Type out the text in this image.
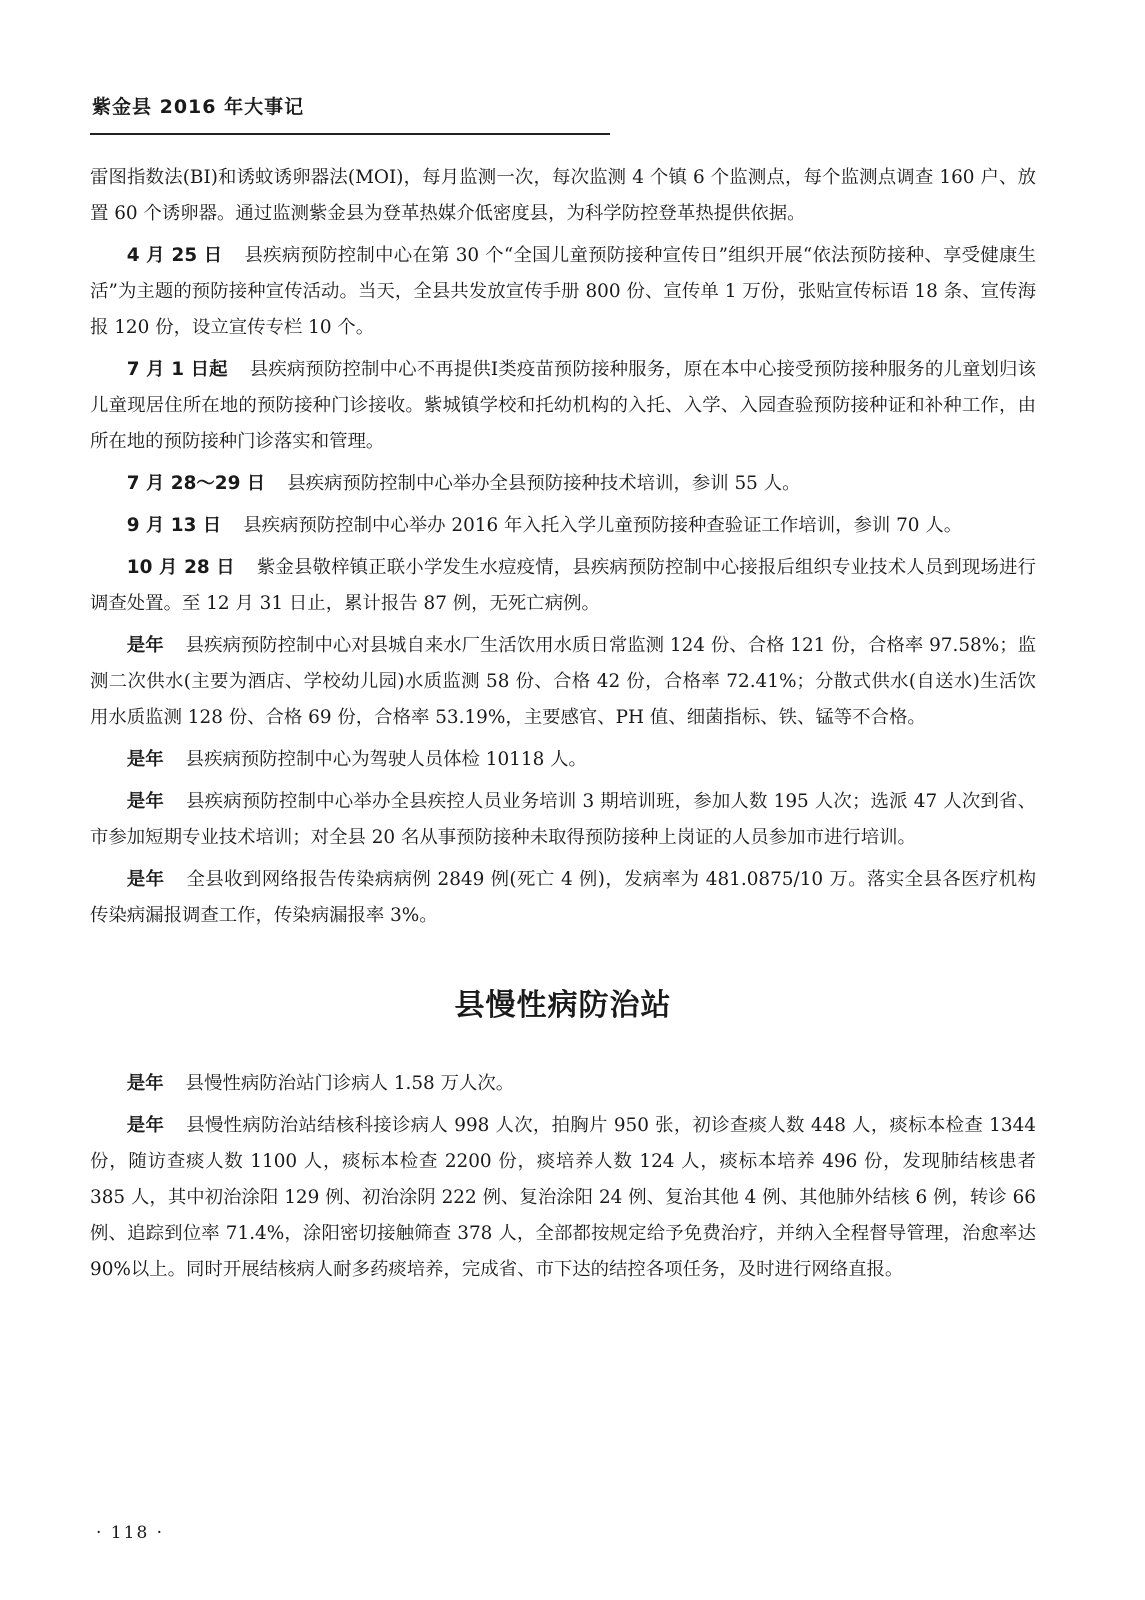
紫金县 2016 年大事记

雷图指数法(BI)和诱蚊诱卵器法(MOI)，每月监测一次，每次监测 4 个镇 6 个监测点，每个监测点调查 160 户、放置 60 个诱卵器。通过监测紫金县为登革热媒介低密度县，为科学防控登革热提供依据。

4 月 25 日 县疾病预防控制中心在第 30 个“全国儿童预防接种宣传日”组织开展“依法预防接种、享受健康生活”为主题的预防接种宣传活动。当天，全县共发放宣传手册 800 份、宣传单 1 万份，张贴宣传标语 18 条、宣传海报 120 份，设立宣传专栏 10 个。

7 月 1 日起 县疾病预防控制中心不再提供Ⅰ类疫苗预防接种服务，原在本中心接受预防接种服务的儿童划归该儿童现居住所在地的预防接种门诊接收。紫城镇学校和托幼机构的入托、入学、入园查验预防接种证和补种工作，由所在地的预防接种门诊落实和管理。

7 月 28～29 日 县疾病预防控制中心举办全县预防接种技术培训，参训 55 人。

9 月 13 日 县疾病预防控制中心举办 2016 年入托入学儿童预防接种查验证工作培训，参训 70 人。

10 月 28 日 紫金县敬梓镇正联小学发生水痘疫情，县疾病预防控制中心接报后组织专业技术人员到现场进行调查处置。至 12 月 31 日止，累计报告 87 例，无死亡病例。

是年 县疾病预防控制中心对县城自来水厂生活饮用水质日常监测 124 份、合格 121 份，合格率 97.58%；监测二次供水(主要为酒店、学校幼儿园)水质监测 58 份、合格 42 份，合格率 72.41%；分散式供水(自送水)生活饮用水质监测 128 份、合格 69 份，合格率 53.19%，主要感官、PH 值、细菌指标、铁、锰等不合格。

是年 县疾病预防控制中心为驾驶人员体检 10118 人。

是年 县疾病预防控制中心举办全县疾控人员业务培训 3 期培训班，参加人数 195 人次；选派 47 人次到省、市参加短期专业技术培训；对全县 20 名从事预防接种未取得预防接种上岗证的人员参加市进行培训。

是年 全县收到网络报告传染病病例 2849 例(死亡 4 例)，发病率为 481.0875/10 万。落实全县各医疗机构传染病漏报调查工作，传染病漏报率 3%。

县慢性病防治站

是年 县慢性病防治站门诊病人 1.58 万人次。

是年 县慢性病防治站结核科接诊病人 998 人次，拍胸片 950 张，初诊查痰人数 448 人，痰标本检查 1344 份，随访查痰人数 1100 人，痰标本检查 2200 份，痰培养人数 124 人，痰标本培养 496 份，发现肺结核患者 385 人，其中初治涂阳 129 例、初治涂阴 222 例、复治涂阳 24 例、复治其他 4 例、其他肺外结核 6 例，转诊 66 例、追踪到位率 71.4%，涂阳密切接触筛查 378 人，全部都按规定给予免费治疗，并纳入全程督导管理，治愈率达 90%以上。同时开展结核病人耐多药痰培养，完成省、市下达的结控各项任务，及时进行网络直报。

· 118 ·
